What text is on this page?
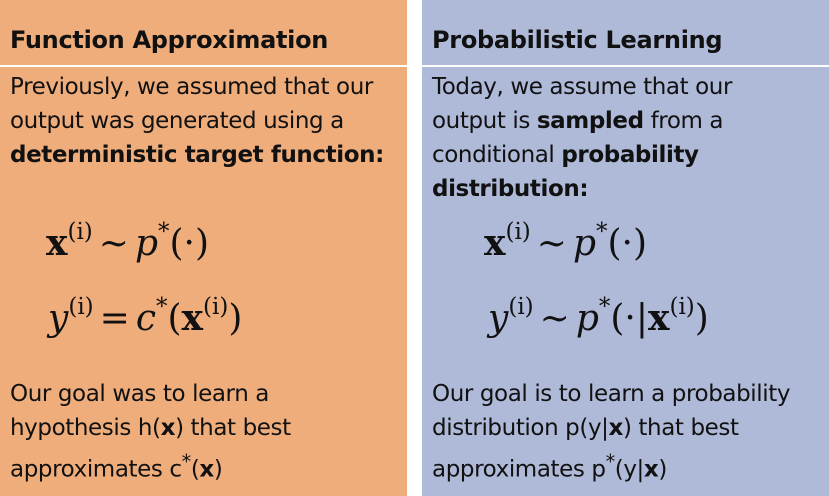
Function Approximation
Previously, we assumed that our
output was generated using a
deterministic target function:
$x^{(i)}$ ∼ p*(·)
$y^{(i)} = c^*(x^{(i)})$
Our goal was to learn a
hypothesis h(x) that best
approximates c*(x)
Probabilistic Learning
Today, we assume that our
output is sampled from a
conditional probability
distribution:
$x^{(i)}$ ∼ p*(·)
$y^{(i)}$ ∼ $p^*(\cdot|x^{(i)})$
Our goal is to learn a probability
distribution p(y|x) that best
approximates p*(y|x)
